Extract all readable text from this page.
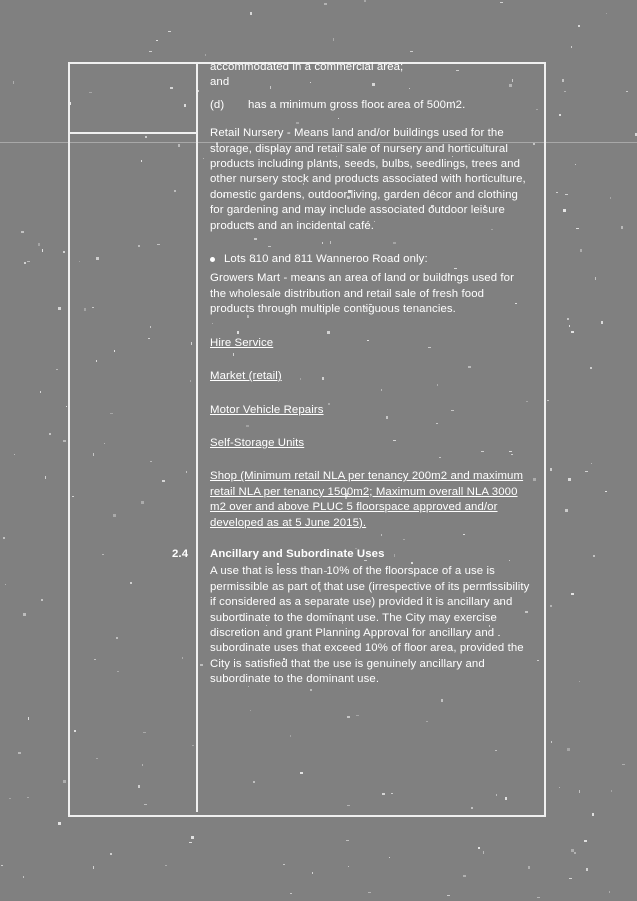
accommodated in a commercial area;
and
(d)	has a minimum gross floor area of 500m2.
Retail Nursery - Means land and/or buildings used for the storage, display and retail sale of nursery and horticultural products including plants, seeds, bulbs, seedlings, trees and other nursery stock and products associated with horticulture, domestic gardens, outdoor living, garden décor and clothing for gardening and may include associated outdoor leisure products and an incidental café.
Lots 810 and 811 Wanneroo Road only:
Growers Mart - means an area of land or buildings used for the wholesale distribution and retail sale of fresh food products through multiple contiguous tenancies.
Hire Service
Market (retail)
Motor Vehicle Repairs
Self-Storage Units
Shop (Minimum retail NLA per tenancy 200m2 and maximum retail NLA per tenancy 1500m2; Maximum overall NLA 3000 m2 over and above PLUC 5 floorspace approved and/or developed as at 5 June 2015).
2.4 Ancillary and Subordinate Uses
A use that is less than 10% of the floorspace of a use is permissible as part of that use (irrespective of its permissibility if considered as a separate use) provided it is ancillary and subordinate to the dominant use. The City may exercise discretion and grant Planning Approval for ancillary and subordinate uses that exceed 10% of floor area, provided the City is satisfied that the use is genuinely ancillary and subordinate to the dominant use.
